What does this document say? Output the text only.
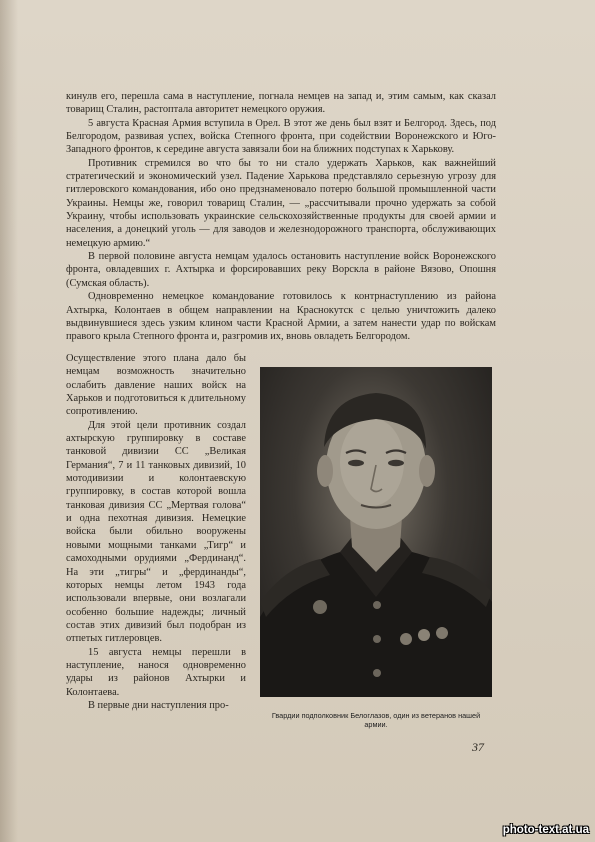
кинулв его, перешла сама в наступление, погнала немцев на запад и, этим самым, как сказал товарищ Сталин, растоптала авторитет немецкого оружия.

5 августа Красная Армия вступила в Орел. В этот же день был взят и Белгород. Здесь, под Белгородом, развивая успех, войска Степного фронта, при содействии Воронежского и Юго-Западного фронтов, к середине августа завязали бои на ближних подступах к Харькову.

Противник стремился во что бы то ни стало удержать Харьков, как важнейший стратегический и экономический узел. Падение Харькова представляло серьезную угрозу для гитлеровского командования, ибо оно предзнаменовало потерю большой промышленной части Украины. Немцы же, говорил товарищ Сталин, — „рассчитывали прочно удержать за собой Украину, чтобы использовать украинские сельскохозяйственные продукты для своей армии и населения, а донецкий уголь — для заводов и железнодорожного транспорта, обслуживающих немецкую армию.“

В первой половине августа немцам удалось остановить наступление войск Воронежского фронта, овладевших г. Ахтырка и форсировавших реку Ворскла в районе Вязово, Опошня (Сумская область).

Одновременно немецкое командование готовилось к контрнаступлению из района Ахтырка, Колонтаев в общем направлении на Краснокутск с целью уничтожить далеко выдвинувшиеся здесь узким клином части Красной Армии, а затем нанести удар по войскам правого крыла Степного фронта и, разгромив их, вновь овладеть Белгородом.

Осуществление этого плана дало бы немцам возможность значительно ослабить давление наших войск на Харьков и подготовиться к длительному сопротивлению.

Для этой цели противник создал ахтырскую группировку в составе танковой дивизии СС „Великая Германия“, 7 и 11 танковых дивизий, 10 мотодивизии и колонтаевскую группировку, в состав которой вошла танковая дивизия СС „Мертвая голова“ и одна пехотная дивизия. Немецкие войска были обильно вооружены новыми мощными танками „Тигр“ и самоходными орудиями „Фердинанд“. На эти „тигры“ и „фердинанды“, которых немцы летом 1943 года использовали впервые, они возлагали особенно большие надежды; личный состав этих дивизий был подобран из отпетых гитлеровцев.

15 августа немцы перешли в наступление, нанося одновременно удары из районов Ахтырки и Колонтаева.

В первые дни наступления про-

Гвардии подполковник Белоглазов, один из ветеранов нашей армии.
37
photo-text.at.ua
